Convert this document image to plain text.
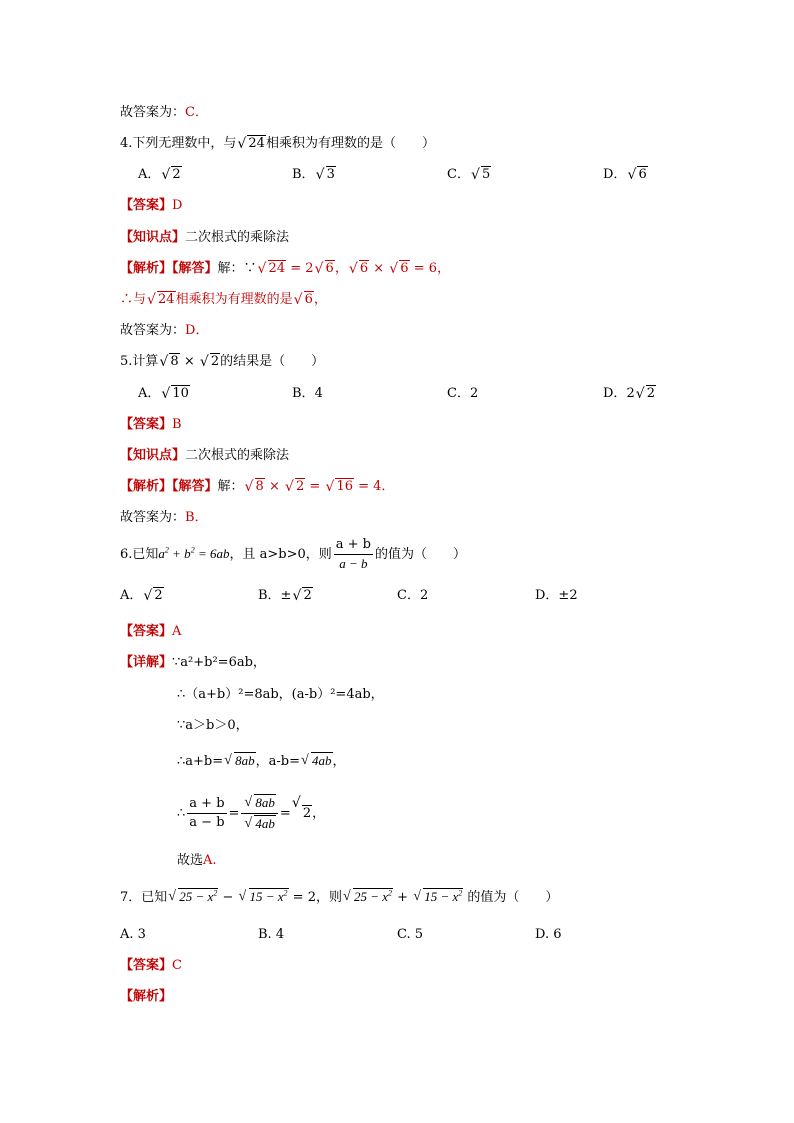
故答案为：C．
4.下列无理数中，与 √ 24相乘积为有理数的是（　　）
A． √ 2	B． √ 3	C． √ 5	D． √ 6
【答案】D
【知识点】二次根式的乘除法
【解析】【解答】解：∵ √ 24 = 2 √ 6， √ 6 × √ 6 = 6，
∴与 √ 24相乘积为有理数的是 √ 6，
故答案为：D．
5.计算 √ 8 × √ 2的结果是（　　）
A． √ 10	B．4	C．2	D．2 √ 2
【答案】B
【知识点】二次根式的乘除法
【解析】【解答】解： √ 8 × √ 2 = √ 16 = 4．
故答案为：B．
6.已知$a^2 + b^2 = 6ab$，且 a>b>0，则 $\frac{a + b}{a - b}$ 的值为（　　）
A． √ 2	B．± √ 2	C．2	D．±2
【答案】A
【详解】∵a²+b²=6ab，
∴（a+b）²=8ab，(a-b）²=4ab，
∵a＞b＞0，
∴a+b= √ 8ab，a-b= √ 4ab，
∴ $\frac{a + b}{a - b} = \frac{√ 8ab}{√ 4ab}$ =
√
2，
故选A.
7．已知 √ $25 - x^2$ − √ $15 - x^2 = 2$，则 √ $25 - x^2$ + √ $15 - x^2$ 的值为（　　）
A. 3	B. 4	C. 5	D. 6
【答案】C
【解析】
